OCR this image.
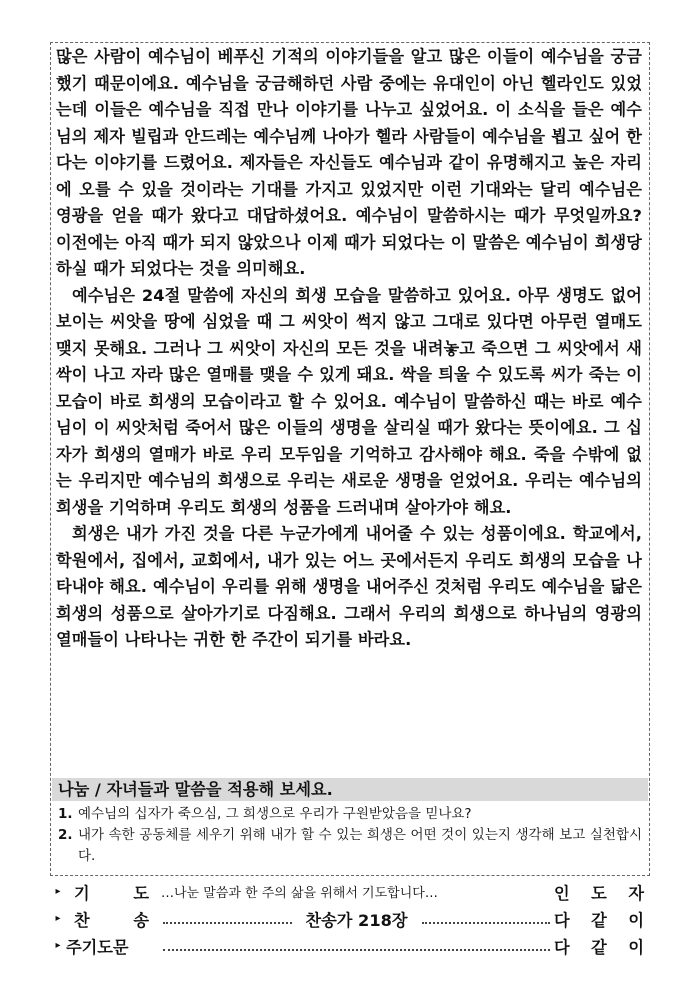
많은 사람이 예수님이 베푸신 기적의 이야기들을 알고 많은 이들이 예수님을 궁금했기 때문이에요. 예수님을 궁금해하던 사람 중에는 유대인이 아닌 헬라인도 있었는데 이들은 예수님을 직접 만나 이야기를 나누고 싶었어요. 이 소식을 들은 예수님의 제자 빌립과 안드레는 예수님께 나아가 헬라 사람들이 예수님을 뵙고 싶어 한다는 이야기를 드렸어요. 제자들은 자신들도 예수님과 같이 유명해지고 높은 자리에 오를 수 있을 것이라는 기대를 가지고 있었지만 이런 기대와는 달리 예수님은 영광을 얻을 때가 왔다고 대답하셨어요. 예수님이 말씀하시는 때가 무엇일까요? 이전에는 아직 때가 되지 않았으나 이제 때가 되었다는 이 말씀은 예수님이 희생당하실 때가 되었다는 것을 의미해요.

예수님은 24절 말씀에 자신의 희생 모습을 말씀하고 있어요. 아무 생명도 없어 보이는 씨앗을 땅에 심었을 때 그 씨앗이 썩지 않고 그대로 있다면 아무런 열매도 맺지 못해요. 그러나 그 씨앗이 자신의 모든 것을 내려놓고 죽으면 그 씨앗에서 새싹이 나고 자라 많은 열매를 맺을 수 있게 돼요. 싹을 틔울 수 있도록 씨가 죽는 이 모습이 바로 희생의 모습이라고 할 수 있어요. 예수님이 말씀하신 때는 바로 예수님이 이 씨앗처럼 죽어서 많은 이들의 생명을 살리실 때가 왔다는 뜻이에요. 그 십자가 희생의 열매가 바로 우리 모두임을 기억하고 감사해야 해요. 죽을 수밖에 없는 우리지만 예수님의 희생으로 우리는 새로운 생명을 얻었어요. 우리는 예수님의 희생을 기억하며 우리도 희생의 성품을 드러내며 살아가야 해요.

희생은 내가 가진 것을 다른 누군가에게 내어줄 수 있는 성품이에요. 학교에서, 학원에서, 집에서, 교회에서, 내가 있는 어느 곳에서든지 우리도 희생의 모습을 나타내야 해요. 예수님이 우리를 위해 생명을 내어주신 것처럼 우리도 예수님을 닮은 희생의 성품으로 살아가기로 다짐해요. 그래서 우리의 희생으로 하나님의 영광의 열매들이 나타나는 귀한 한 주간이 되기를 바라요.

나눔 / 자녀들과 말씀을 적용해 보세요.
1. 예수님의 십자가 죽으심, 그 희생으로 우리가 구원받았음을 믿나요?
2. 내가 속한 공동체를 세우기 위해 내가 할 수 있는 희생은 어떤 것이 있는지 생각해 보고 실천합시다.
▸ 기	도 …나눈 말씀과 한 주의 삶을 위해서 기도합니다…	인 도 자
▸ 찬	송	찬송가 218장	다 같 이
▸ 주기도문	다 같 이
